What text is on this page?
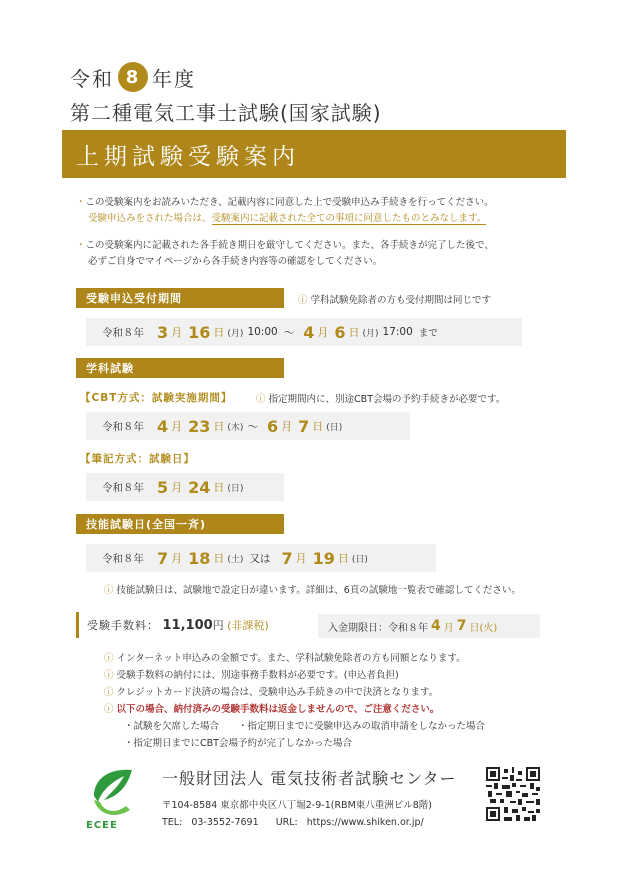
令和 8 年度
第二種電気工事士試験(国家試験)
上期試験受験案内
・この受験案内をお読みいただき、記載内容に同意した上で受験申込み手続きを行ってください。
受験申込みをされた場合は、受験案内に記載された全ての事項に同意したものとみなします。
・この受験案内に記載された各手続き期日を厳守してください。また、各手続きが完了した後で、
必ずご自身でマイページから各手続き内容等の確認をしてください。
受験申込受付期間	ⓘ 学科試験免除者の方も受付期間は同じです
令和８年 3 月 16 日 (月) 10:00 ～ 4 月 6 日 (月) 17:00 まで
学科試験
【CBT方式：試験実施期間】 ⓘ 指定期間内に、別途CBT会場の予約手続きが必要です。
令和８年 4 月 23 日 (木) ～ 6 月 7 日 (日)
【筆記方式：試験日】
令和８年 5 月 24 日 (日)
技能試験日(全国一斉)
令和８年 7 月 18 日 (土) 又は 7 月 19 日 (日)
ⓘ 技能試験日は、試験地で設定日が違います。詳細は、6頁の試験地一覧表で確認してください。
受験手数料： 11,100円 (非課税)	入金期限日：令和８年 4 月 7 日 (火)
ⓘ インターネット申込みの金額です。また、学科試験免除者の方も同額となります。
ⓘ 受験手数料の納付には、別途事務手数料が必要です。(申込者負担)
ⓘ クレジットカード決済の場合は、受験申込み手続きの中で決済となります。
ⓘ 以下の場合、納付済みの受験手数料は返金しませんので、ご注意ください。
・試験を欠席した場合 ・指定期日までに受験申込みの取消申請をしなかった場合
・指定期日までにCBT会場予約が完了しなかった場合
ECEE
一般財団法人 電気技術者試験センター
〒104-8584 東京都中央区八丁堀2-9-1(RBM東八重洲ビル8階)
TEL: 03-3552-7691 URL: https://www.shiken.or.jp/
